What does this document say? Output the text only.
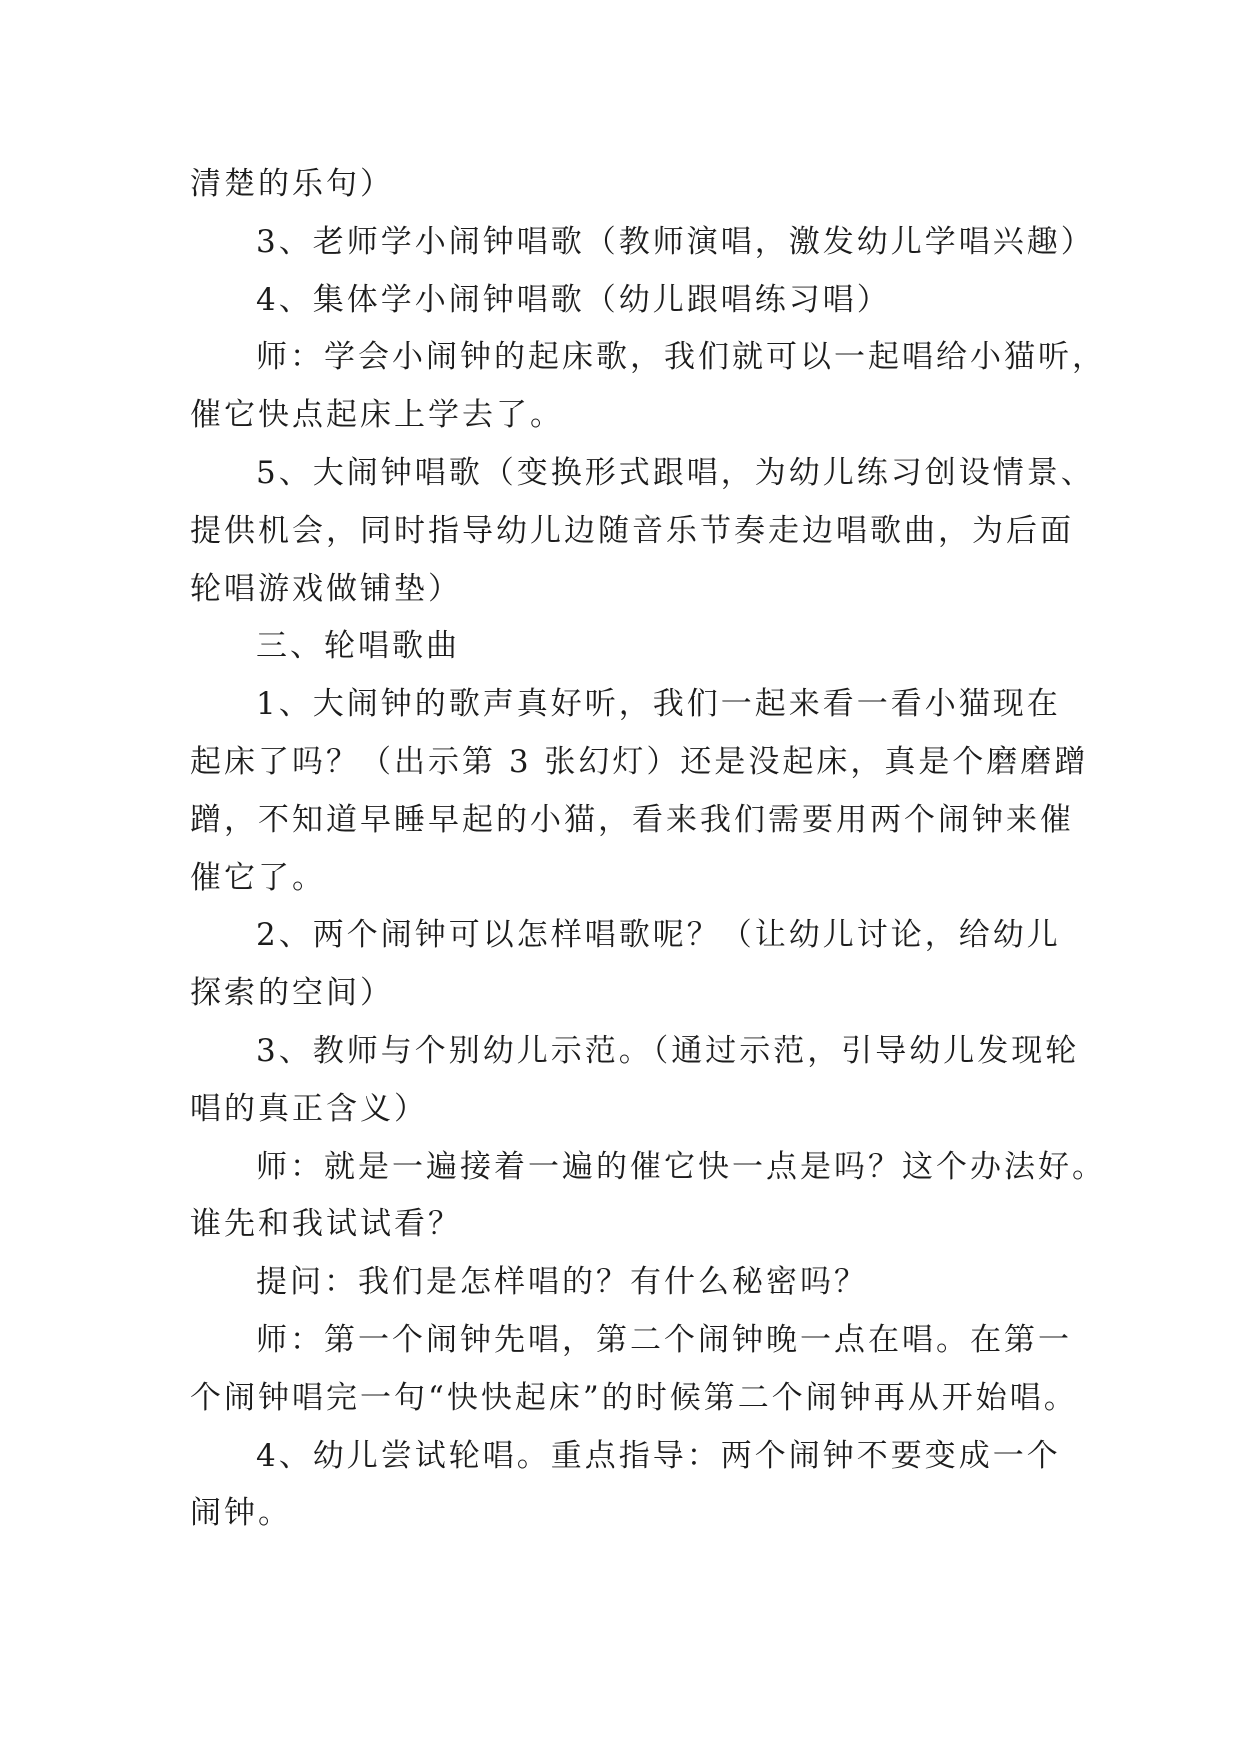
清楚的乐句）
3、老师学小闹钟唱歌（教师演唱，激发幼儿学唱兴趣）
4、集体学小闹钟唱歌（幼儿跟唱练习唱）
师：学会小闹钟的起床歌，我们就可以一起唱给小猫听，
催它快点起床上学去了。
5、大闹钟唱歌（变换形式跟唱，为幼儿练习创设情景、
提供机会，同时指导幼儿边随音乐节奏走边唱歌曲，为后面
轮唱游戏做铺垫）
三、轮唱歌曲
1、大闹钟的歌声真好听，我们一起来看一看小猫现在
起床了吗？（出示第 3 张幻灯）还是没起床，真是个磨磨蹭
蹭，不知道早睡早起的小猫，看来我们需要用两个闹钟来催
催它了。
2、两个闹钟可以怎样唱歌呢？（让幼儿讨论，给幼儿
探索的空间）
3、教师与个别幼儿示范。（通过示范，引导幼儿发现轮
唱的真正含义）
师：就是一遍接着一遍的催它快一点是吗？这个办法好。
谁先和我试试看？
提问：我们是怎样唱的？有什么秘密吗？
师：第一个闹钟先唱，第二个闹钟晚一点在唱。在第一
个闹钟唱完一句“快快起床”的时候第二个闹钟再从开始唱。
4、幼儿尝试轮唱。重点指导：两个闹钟不要变成一个
闹钟。
